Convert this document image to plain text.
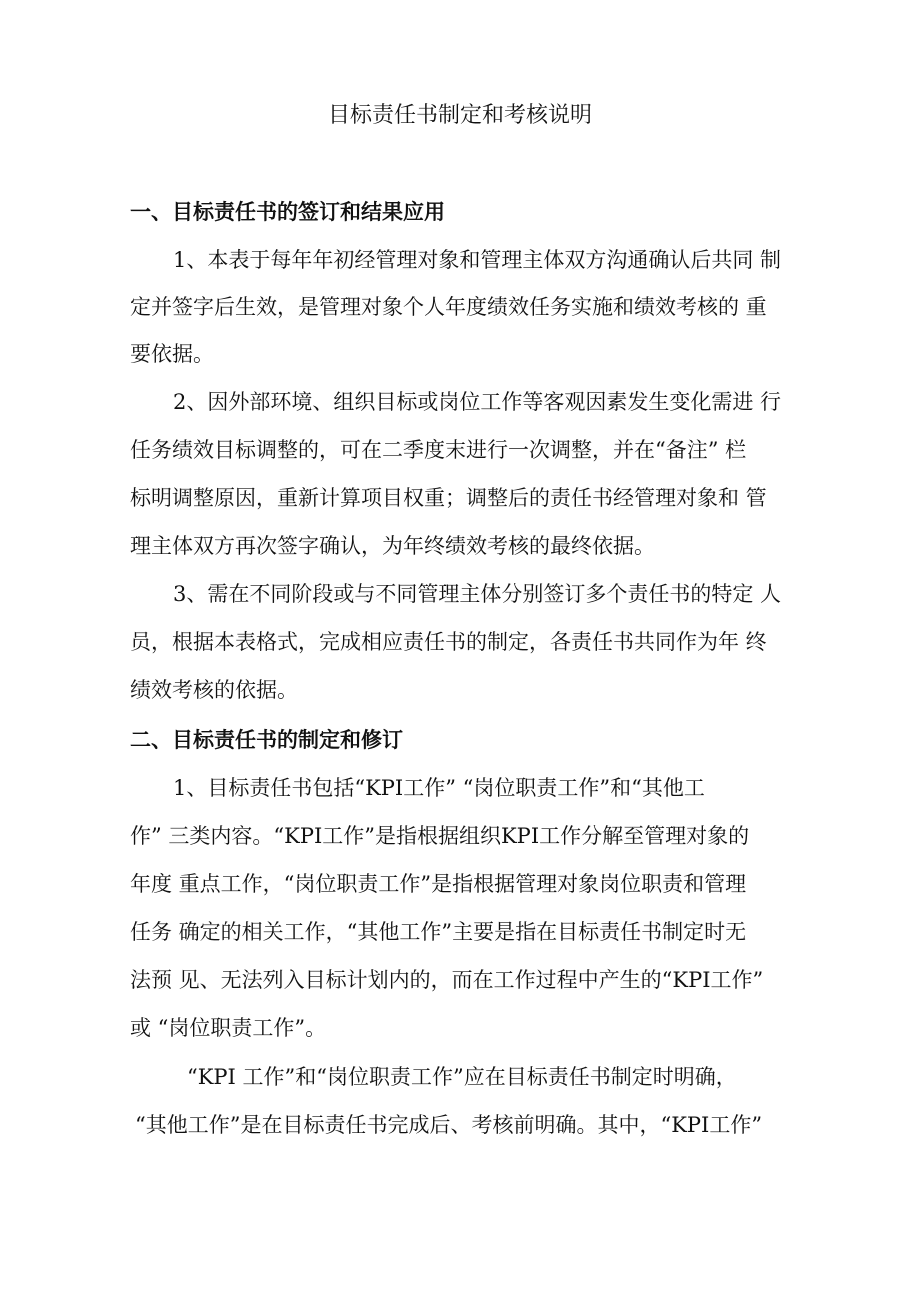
目标责任书制定和考核说明
一、目标责任书的签订和结果应用
1、本表于每年年初经管理对象和管理主体双方沟通确认后共同 制
定并签字后生效，是管理对象个人年度绩效任务实施和绩效考核的 重
要依据。
2、因外部环境、组织目标或岗位工作等客观因素发生变化需进 行
任务绩效目标调整的，可在二季度末进行一次调整，并在“备注” 栏
标明调整原因，重新计算项目权重；调整后的责任书经管理对象和 管
理主体双方再次签字确认，为年终绩效考核的最终依据。
3、需在不同阶段或与不同管理主体分别签订多个责任书的特定 人
员，根据本表格式，完成相应责任书的制定，各责任书共同作为年 终
绩效考核的依据。
二、目标责任书的制定和修订
1、目标责任书包括“KPI工作” “岗位职责工作”和“其他工
作” 三类内容。“KPI工作”是指根据组织KPI工作分解至管理对象的
年度 重点工作，“岗位职责工作”是指根据管理对象岗位职责和管理
任务 确定的相关工作，“其他工作”主要是指在目标责任书制定时无
法预 见、无法列入目标计划内的，而在工作过程中产生的“KPI工作”
或 “岗位职责工作”。
“KPI 工作”和“岗位职责工作”应在目标责任书制定时明确，
“其他工作”是在目标责任书完成后、考核前明确。其中，“KPI工作”
